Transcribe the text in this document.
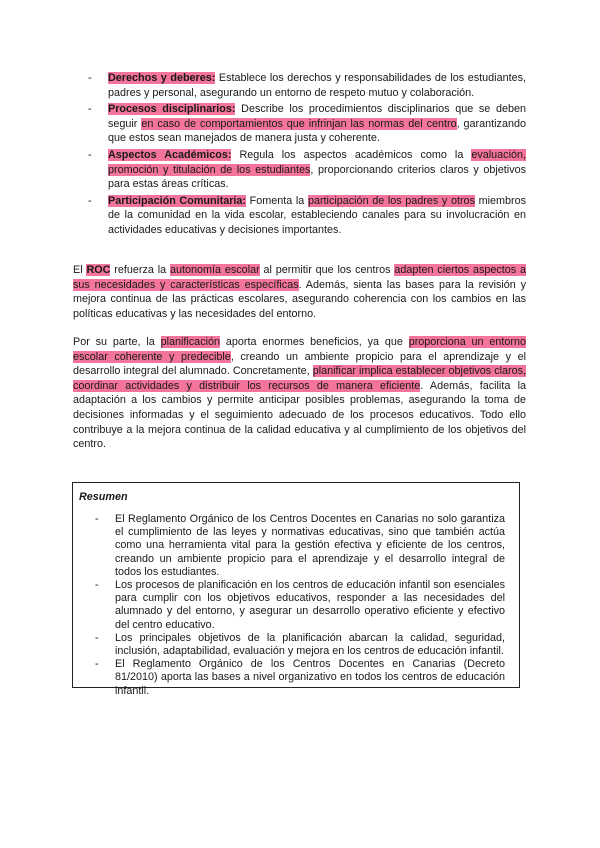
- Derechos y deberes: Establece los derechos y responsabilidades de los estudiantes, padres y personal, asegurando un entorno de respeto mutuo y colaboración.
- Procesos disciplinarios: Describe los procedimientos disciplinarios que se deben seguir en caso de comportamientos que infrinjan las normas del centro, garantizando que estos sean manejados de manera justa y coherente.
- Aspectos Académicos: Regula los aspectos académicos como la evaluación, promoción y titulación de los estudiantes, proporcionando criterios claros y objetivos para estas áreas críticas.
- Participación Comunitaria: Fomenta la participación de los padres y otros miembros de la comunidad en la vida escolar, estableciendo canales para su involucración en actividades educativas y decisiones importantes.

El ROC refuerza la autonomía escolar al permitir que los centros adapten ciertos aspectos a sus necesidades y características específicas. Además, sienta las bases para la revisión y mejora continua de las prácticas escolares, asegurando coherencia con los cambios en las políticas educativas y las necesidades del entorno.

Por su parte, la planificación aporta enormes beneficios, ya que proporciona un entorno escolar coherente y predecible, creando un ambiente propicio para el aprendizaje y el desarrollo integral del alumnado. Concretamente, planificar implica establecer objetivos claros, coordinar actividades y distribuir los recursos de manera eficiente. Además, facilita la adaptación a los cambios y permite anticipar posibles problemas, asegurando la toma de decisiones informadas y el seguimiento adecuado de los procesos educativos. Todo ello contribuye a la mejora continua de la calidad educativa y al cumplimiento de los objetivos del centro.

Resumen
- El Reglamento Orgánico de los Centros Docentes en Canarias no solo garantiza el cumplimiento de las leyes y normativas educativas, sino que también actúa como una herramienta vital para la gestión efectiva y eficiente de los centros, creando un ambiente propicio para el aprendizaje y el desarrollo integral de todos los estudiantes.
- Los procesos de planificación en los centros de educación infantil son esenciales para cumplir con los objetivos educativos, responder a las necesidades del alumnado y del entorno, y asegurar un desarrollo operativo eficiente y efectivo del centro educativo.
- Los principales objetivos de la planificación abarcan la calidad, seguridad, inclusión, adaptabilidad, evaluación y mejora en los centros de educación infantil.
- El Reglamento Orgánico de los Centros Docentes en Canarias (Decreto 81/2010) aporta las bases a nivel organizativo en todos los centros de educación infantil.
